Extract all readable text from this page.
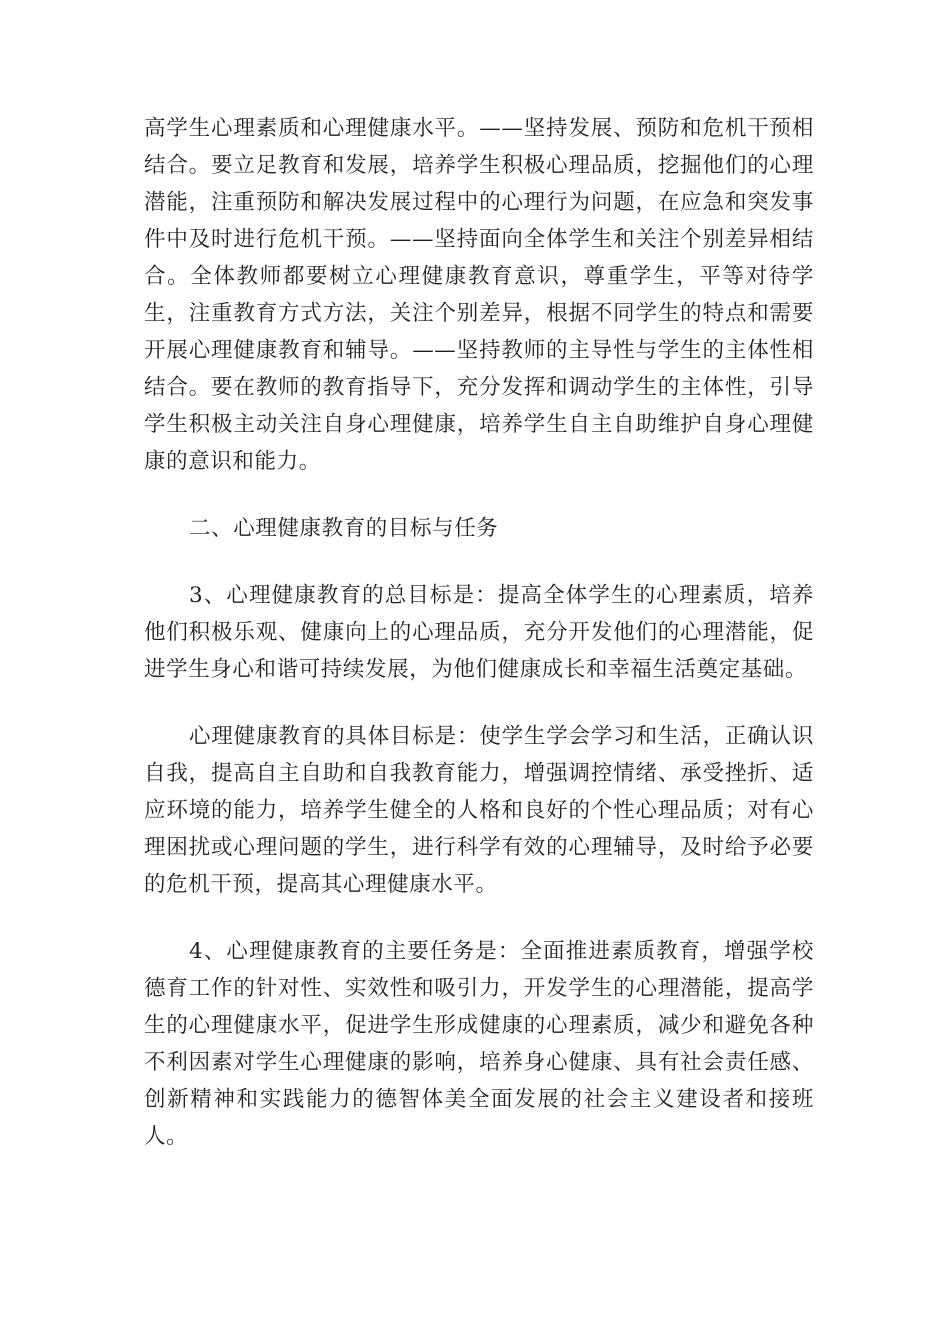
高学生心理素质和心理健康水平。——坚持发展、预防和危机干预相结合。要立足教育和发展，培养学生积极心理品质，挖掘他们的心理潜能，注重预防和解决发展过程中的心理行为问题，在应急和突发事件中及时进行危机干预。——坚持面向全体学生和关注个别差异相结合。全体教师都要树立心理健康教育意识，尊重学生，平等对待学生，注重教育方式方法，关注个别差异，根据不同学生的特点和需要开展心理健康教育和辅导。——坚持教师的主导性与学生的主体性相结合。要在教师的教育指导下，充分发挥和调动学生的主体性，引导学生积极主动关注自身心理健康，培养学生自主自助维护自身心理健康的意识和能力。

二、心理健康教育的目标与任务

3、心理健康教育的总目标是：提高全体学生的心理素质，培养他们积极乐观、健康向上的心理品质，充分开发他们的心理潜能，促进学生身心和谐可持续发展，为他们健康成长和幸福生活奠定基础。

心理健康教育的具体目标是：使学生学会学习和生活，正确认识自我，提高自主自助和自我教育能力，增强调控情绪、承受挫折、适应环境的能力，培养学生健全的人格和良好的个性心理品质；对有心理困扰或心理问题的学生，进行科学有效的心理辅导，及时给予必要的危机干预，提高其心理健康水平。

4、心理健康教育的主要任务是：全面推进素质教育，增强学校德育工作的针对性、实效性和吸引力，开发学生的心理潜能，提高学生的心理健康水平，促进学生形成健康的心理素质，减少和避免各种不利因素对学生心理健康的影响，培养身心健康、具有社会责任感、创新精神和实践能力的德智体美全面发展的社会主义建设者和接班人。
